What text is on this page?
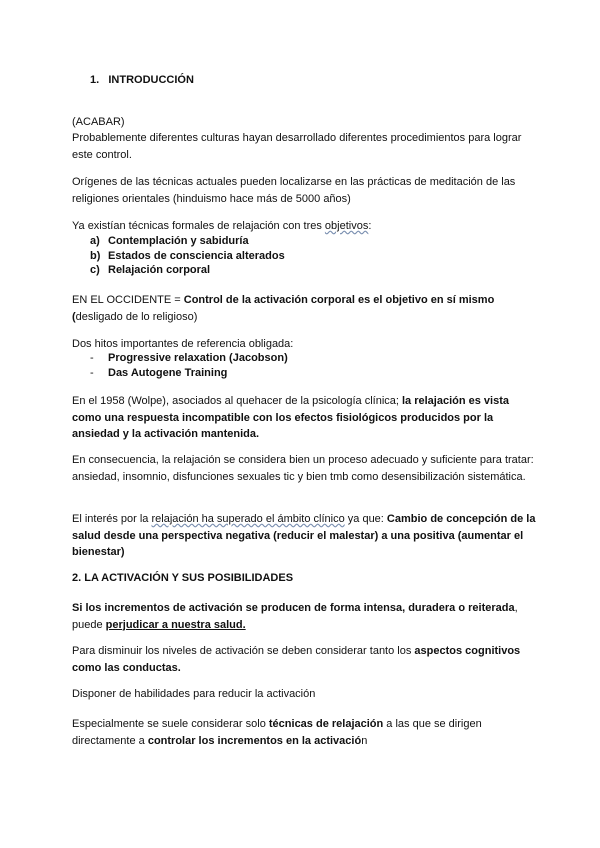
1. INTRODUCCIÓN

(ACABAR)

Probablemente diferentes culturas hayan desarrollado diferentes procedimientos para lograr este control.

Orígenes de las técnicas actuales pueden localizarse en las prácticas de meditación de las religiones orientales (hinduismo hace más de 5000 años)

Ya existían técnicas formales de relajación con tres objetivos:

a) Contemplación y sabiduría
b) Estados de consciencia alterados
c) Relajación corporal

EN EL OCCIDENTE = Control de la activación corporal es el objetivo en sí mismo
(desligado de lo religioso)

Dos hitos importantes de referencia obligada:

- Progressive relaxation (Jacobson)
- Das Autogene Training

En el 1958 (Wolpe), asociados al quehacer de la psicología clínica; la relajación es vista como una respuesta incompatible con los efectos fisiológicos producidos por la ansiedad y la activación mantenida.

En consecuencia, la relajación se considera bien un proceso adecuado y suficiente para tratar: ansiedad, insomnio, disfunciones sexuales tic y bien tmb como desensibilización sistemática.

El interés por la relajación ha superado el ámbito clínico ya que: Cambio de concepción de la salud desde una perspectiva negativa (reducir el malestar) a una positiva (aumentar el bienestar)

2. LA ACTIVACIÓN Y SUS POSIBILIDADES

Si los incrementos de activación se producen de forma intensa, duradera o reiterada, puede perjudicar a nuestra salud.

Para disminuir los niveles de activación se deben considerar tanto los aspectos cognitivos como las conductas.

Disponer de habilidades para reducir la activación

Especialmente se suele considerar solo técnicas de relajación a las que se dirigen directamente a controlar los incrementos en la activación
